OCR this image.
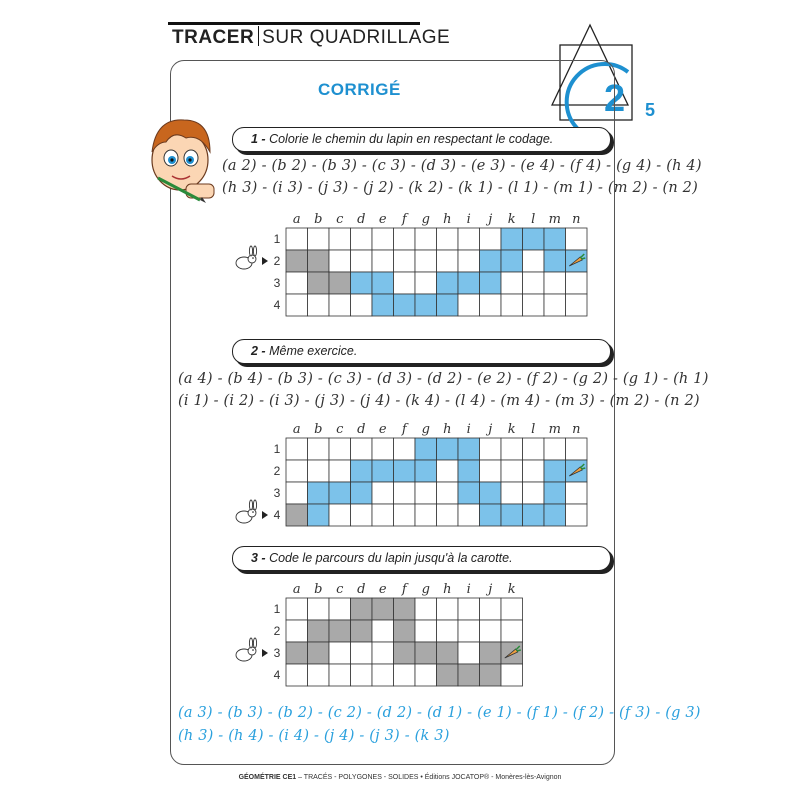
TRACER SUR QUADRILLAGE
2 5
CORRIGÉ
1 - Colorie le chemin du lapin en respectant le codage.
2 - Même exercice.
3 - Code le parcours du lapin jusqu'à la carotte.
(a 2) - (b 2) - (b 3) - (c 3) - (d 3) - (e 3) - (e 4) - (f 4) - (g 4) - (h 4)
(h 3) - (i 3) - (j 3) - (j 2) - (k 2) - (k 1) - (l 1) - (m 1) - (m 2) - (n 2)
(a 4) - (b 4) - (b 3) - (c 3) - (d 3) - (d 2) - (e 2) - (f 2) - (g 2) - (g 1) - (h 1)
(i 1) - (i 2) - (i 3) - (j 3) - (j 4) - (k 4) - (l 4) - (m 4) - (m 3) - (m 2) - (n 2)
(a 3) - (b 3) - (b 2) - (c 2) - (d 2) - (d 1) - (e 1) - (f 1) - (f 2) - (f 3) - (g 3)
(h 3) - (h 4) - (i 4) - (j 4) - (j 3) - (k 3)
a b c d e f g h i j k l m n
1
2
3
4
a b c d e f g h i j k l m n
1
2
3
4
a b c d e f g h i j k
1
2
3
4
GÉOMÉTRIE CE1 – TRACÉS - POLYGONES - SOLIDES • Éditions JOCATOP® - Monères-lès-Avignon
